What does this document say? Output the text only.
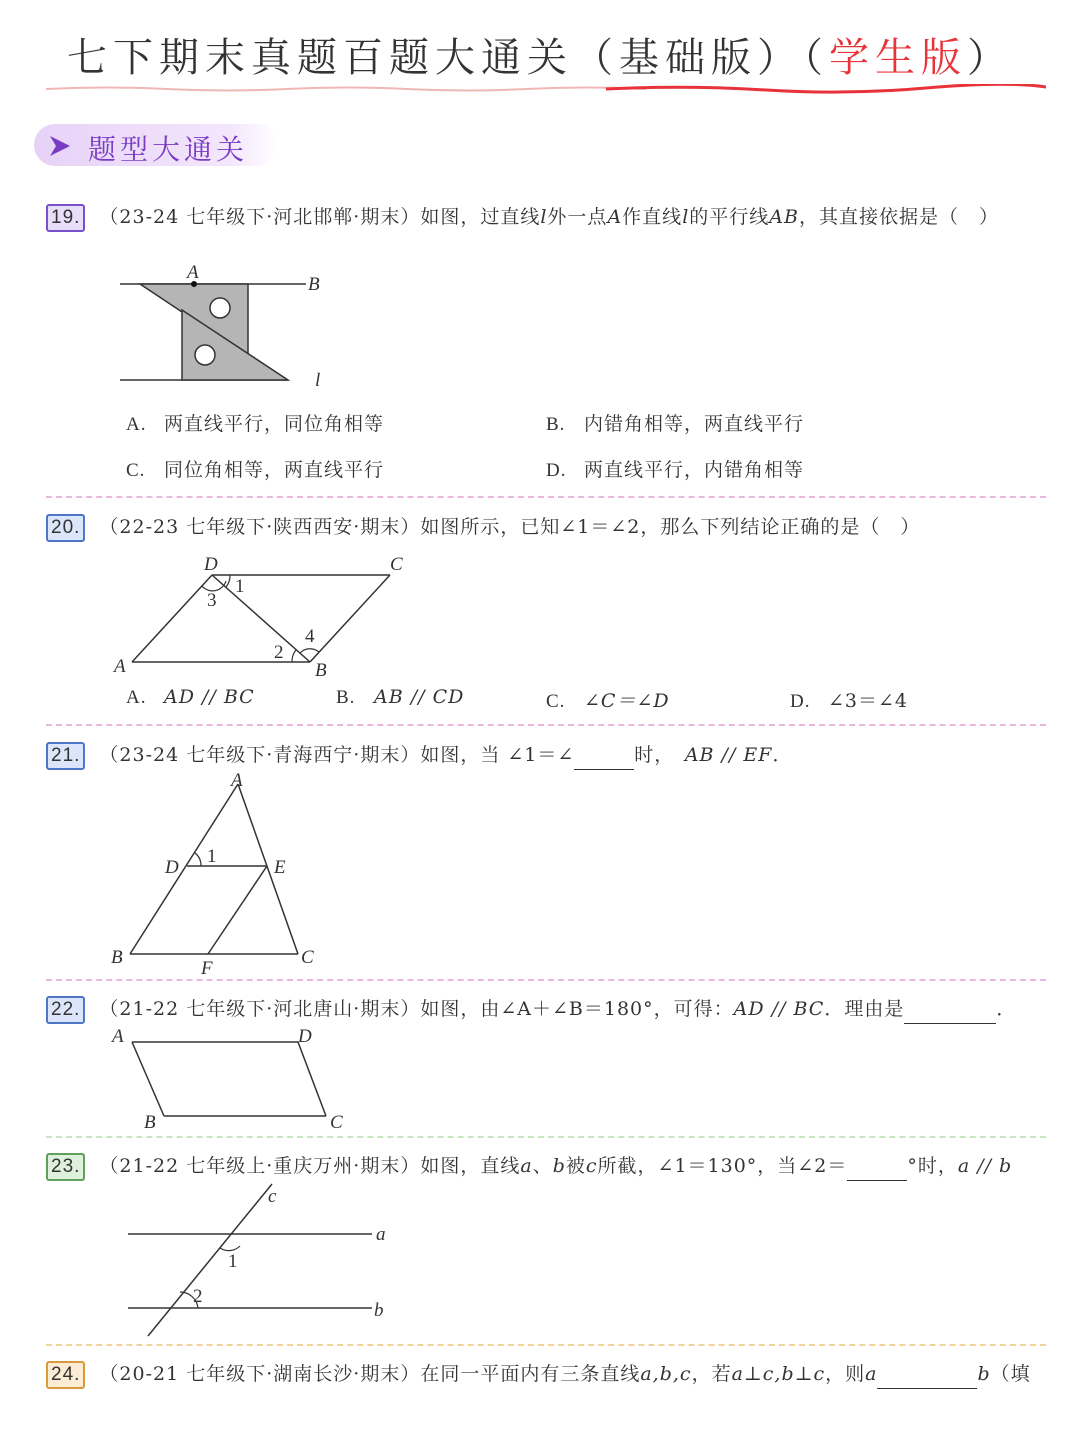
七下期末真题百题大通关（基础版）（学生版）
题型大通关
19. （23-24 七年级下·河北邯郸·期末）如图，过直线l外一点A作直线l的平行线AB，其直接依据是（　）
A
B
l
A. 两直线平行，同位角相等	B. 内错角相等，两直线平行
C. 同位角相等，两直线平行	D. 两直线平行，内错角相等
20. （22-23 七年级下·陕西西安·期末）如图所示，已知∠1＝∠2，那么下列结论正确的是（　）
D	C
A	B
1
3
2
4
A. AD // BC	B. AB // CD	C. ∠C＝∠D	D. ∠3＝∠4
21. （23-24 七年级下·青海西宁·期末）如图，当 ∠1＝∠	时，　 AB // EF．
A
D	E
B	C
F
1
22. （21-22 七年级下·河北唐山·期末）如图，由∠A＋∠B＝180°，可得：AD // BC．理由是	．
A	D
B	C
23. （21-22 七年级上·重庆万州·期末）如图，直线a、b被c所截，∠1＝130°，当∠2＝	°时，a // b
c
a
b
1
2
24. （20-21 七年级下·湖南长沙·期末）在同一平面内有三条直线a,b,c，若a⊥c,b⊥c，则a	b（填
